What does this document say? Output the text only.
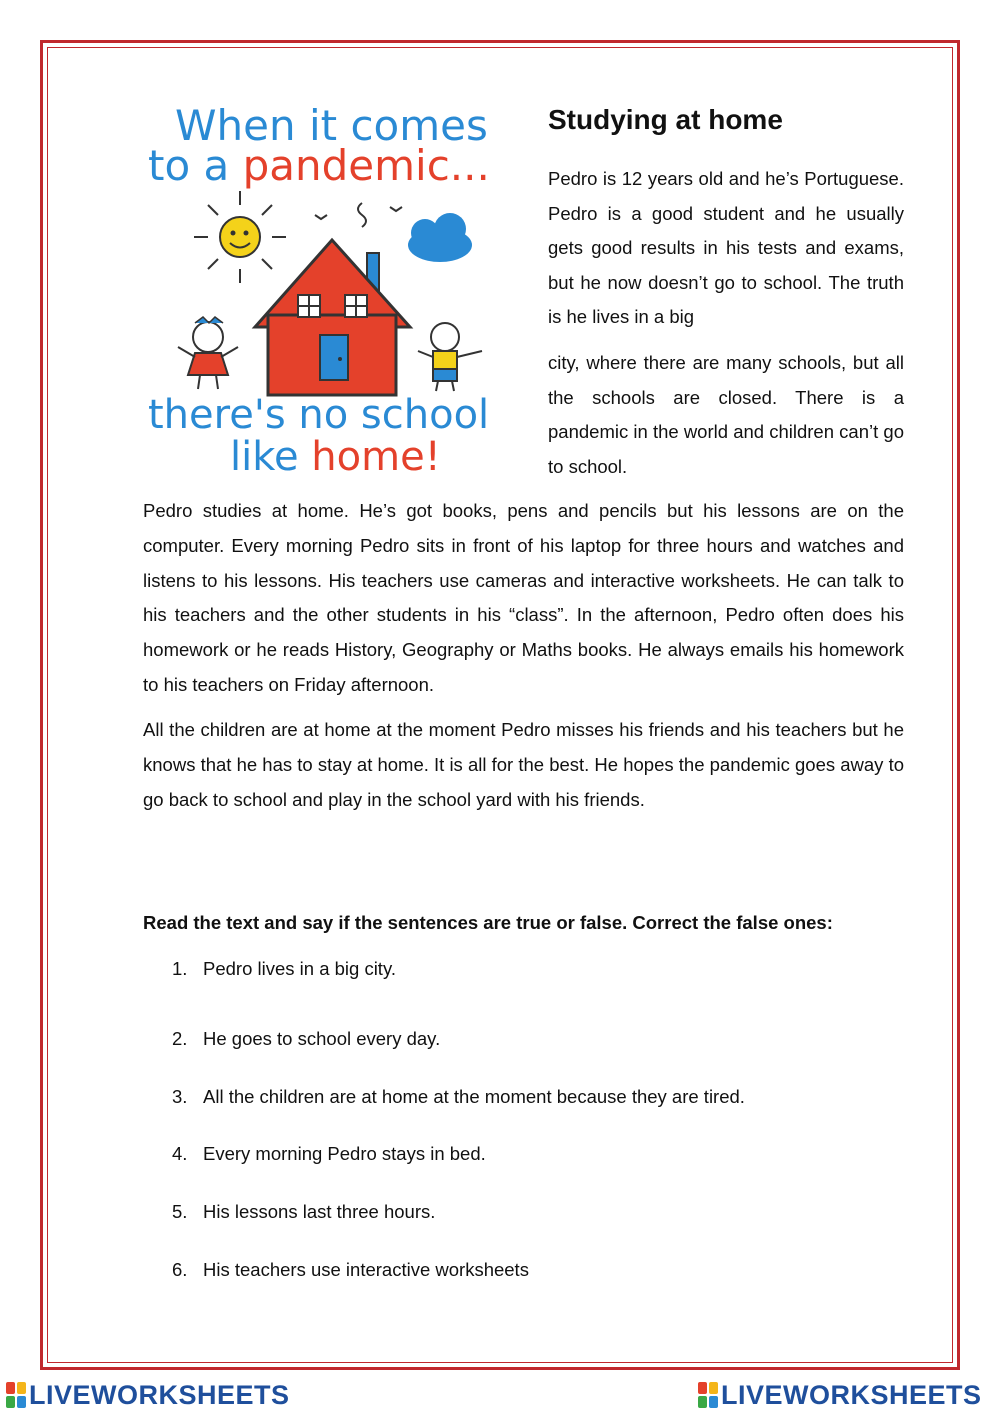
When it comes
to a pandemic...
there's no school
like home!
Studying at home

Pedro is 12 years old and he’s Portuguese. Pedro is a good student and he usually gets good results in his tests and exams, but he now doesn’t go to school. The truth is he lives in a big

city, where there are many schools, but all the schools are closed. There is a pandemic in the world and children can’t go to school.

Pedro studies at home. He’s got books, pens and pencils but his lessons are on the computer. Every morning Pedro sits in front of his laptop for three hours and watches and listens to his lessons. His teachers use cameras and interactive worksheets. He can talk to his teachers and the other students in his “class”. In the afternoon, Pedro often does his homework or he reads History, Geography or Maths books. He always emails his homework to his teachers on Friday afternoon.

All the children are at home at the moment Pedro misses his friends and his teachers but he knows that he has to stay at home. It is all for the best. He hopes the pandemic goes away to go back to school and play in the school yard with his friends.

Read the text and say if the sentences are true or false. Correct the false ones:

1. Pedro lives in a big city.

2. He goes to school every day.

3. All the children are at home at the moment because they are tired.

4. Every morning Pedro stays in bed.

5. His lessons last three hours.

6. His teachers use interactive worksheets

LIVEWORKSHEETS	LIVEWORKSHEETS
